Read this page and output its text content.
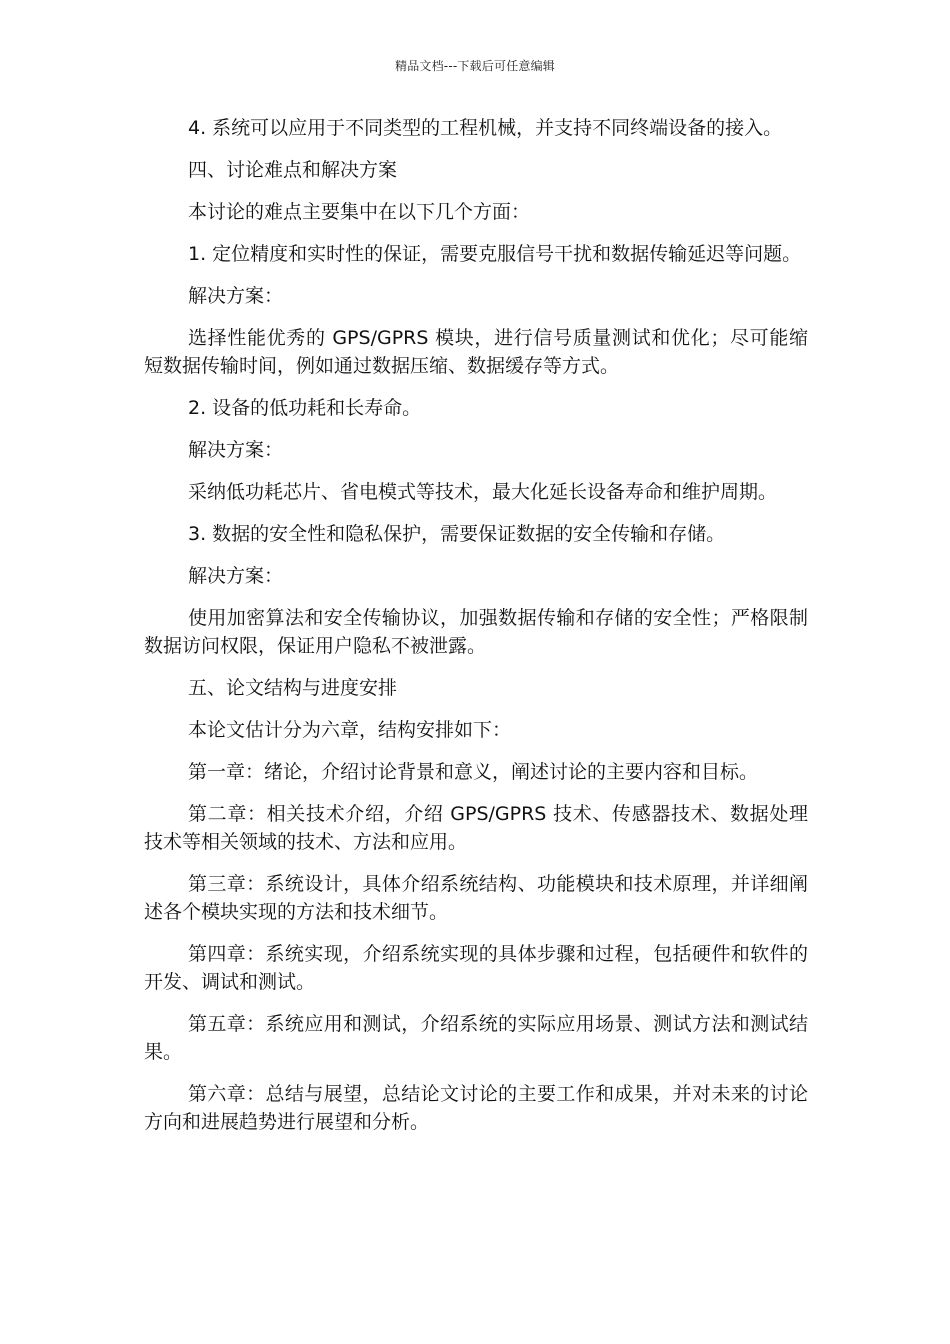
精品文档---下载后可任意编辑

4. 系统可以应用于不同类型的工程机械，并支持不同终端设备的接入。

四、讨论难点和解决方案

本讨论的难点主要集中在以下几个方面：

1. 定位精度和实时性的保证，需要克服信号干扰和数据传输延迟等问题。

解决方案：

选择性能优秀的 GPS/GPRS 模块，进行信号质量测试和优化；尽可能缩短数据传输时间，例如通过数据压缩、数据缓存等方式。

2. 设备的低功耗和长寿命。

解决方案：

采纳低功耗芯片、省电模式等技术，最大化延长设备寿命和维护周期。

3. 数据的安全性和隐私保护，需要保证数据的安全传输和存储。

解决方案：

使用加密算法和安全传输协议，加强数据传输和存储的安全性；严格限制数据访问权限，保证用户隐私不被泄露。

五、论文结构与进度安排

本论文估计分为六章，结构安排如下：

第一章：绪论，介绍讨论背景和意义，阐述讨论的主要内容和目标。

第二章：相关技术介绍，介绍 GPS/GPRS 技术、传感器技术、数据处理技术等相关领域的技术、方法和应用。

第三章：系统设计，具体介绍系统结构、功能模块和技术原理，并详细阐述各个模块实现的方法和技术细节。

第四章：系统实现，介绍系统实现的具体步骤和过程，包括硬件和软件的开发、调试和测试。

第五章：系统应用和测试，介绍系统的实际应用场景、测试方法和测试结果。

第六章：总结与展望，总结论文讨论的主要工作和成果，并对未来的讨论方向和进展趋势进行展望和分析。
